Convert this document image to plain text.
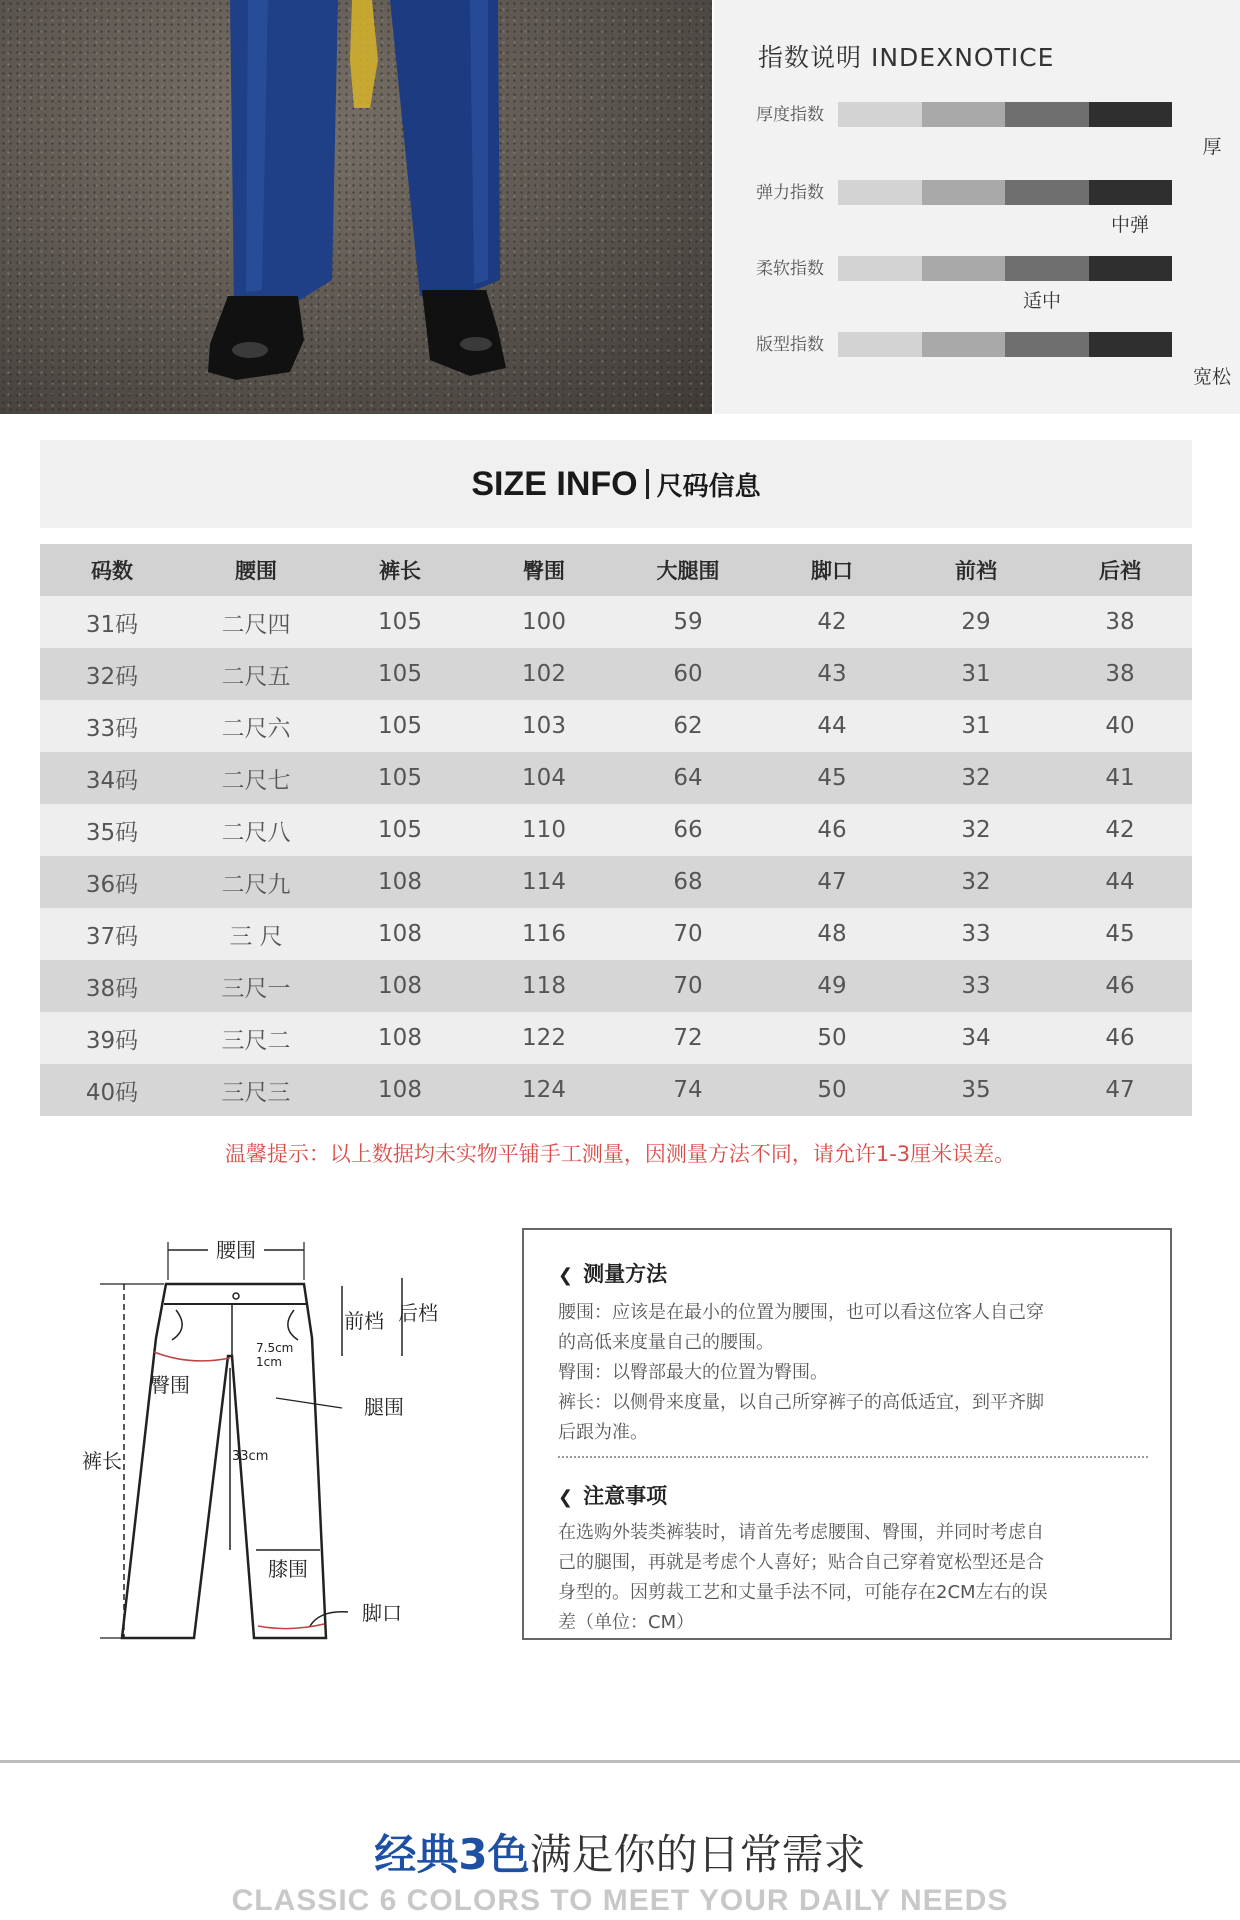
指数说明 INDEXNOTICE
厚度指数
厚
弹力指数
中弹
柔软指数
适中
版型指数
宽松
SIZE INFO 尺码信息
码数	腰围	裤长	臀围	大腿围	脚口	前裆	后裆
31码	二尺四	105	100	59	42	29	38
32码	二尺五	105	102	60	43	31	38
33码	二尺六	105	103	62	44	31	40
34码	二尺七	105	104	64	45	32	41
35码	二尺八	105	110	66	46	32	42
36码	二尺九	108	114	68	47	32	44
37码	三 尺	108	116	70	48	33	45
38码	三尺一	108	118	70	49	33	46
39码	三尺二	108	122	72	50	34	46
40码	三尺三	108	124	74	50	35	47
温馨提示：以上数据均未实物平铺手工测量，因测量方法不同，请允许1-3厘米误差。
腰围
裤长
前档 后档
7.5cm
1cm
33cm
臀围
腿围
膝围
脚口
❮ 测量方法
腰围：应该是在最小的位置为腰围，也可以看这位客人自己穿
的高低来度量自己的腰围。
臀围：以臀部最大的位置为臀围。
裤长：以侧骨来度量，以自己所穿裤子的高低适宜，到平齐脚
后跟为准。
❮ 注意事项
在选购外装类裤装时，请首先考虑腰围、臀围，并同时考虑自
己的腿围，再就是考虑个人喜好；贴合自己穿着宽松型还是合
身型的。因剪裁工艺和丈量手法不同，可能存在2CM左右的误
差（单位：CM）
经典3色满足你的日常需求
CLASSIC 6 COLORS TO MEET YOUR DAILY NEEDS
